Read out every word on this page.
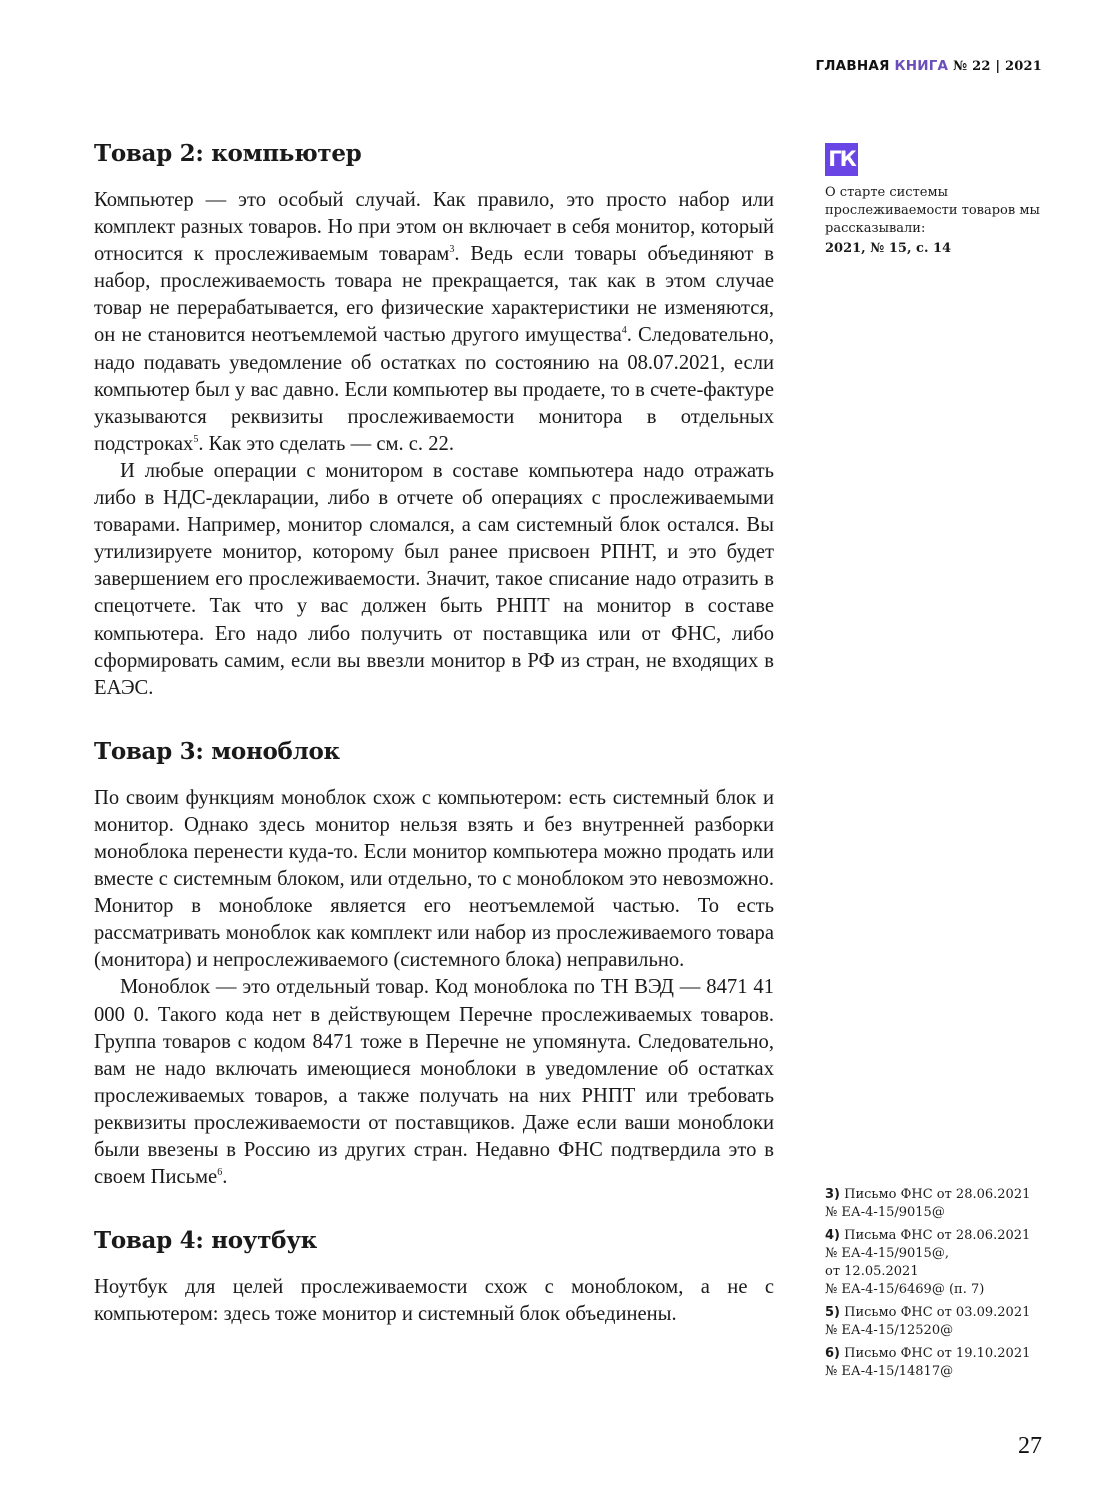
ГЛАВНАЯ КНИГА № 22 | 2021
Товар 2: компьютер

Компьютер — это особый случай. Как правило, это просто набор или комплект разных товаров. Но при этом он включает в себя монитор, который относится к прослеживаемым товарам$^3$. Ведь если товары объединяют в набор, прослеживаемость товара не прекращается, так как в этом случае товар не перерабатывается, его физические характеристики не изменяются, он не становится неотъемлемой частью другого имущества$^4$. Следовательно, надо подавать уведомление об остатках по состоянию на 08.07.2021, если компьютер был у вас давно. Если компьютер вы продаете, то в счете-фактуре указываются реквизиты прослеживаемости монитора в отдельных подстроках$^5$. Как это сделать — см. с. 22.

И любые операции с монитором в составе компьютера надо отражать либо в НДС-декларации, либо в отчете об операциях с прослеживаемыми товарами. Например, монитор сломался, а сам системный блок остался. Вы утилизируете монитор, которому был ранее присвоен РПНТ, и это будет завершением его прослеживаемости. Значит, такое списание надо отразить в спецотчете. Так что у вас должен быть РНПТ на монитор в составе компьютера. Его надо либо получить от поставщика или от ФНС, либо сформировать самим, если вы ввезли монитор в РФ из стран, не входящих в ЕАЭС.

Товар 3: моноблок

По своим функциям моноблок схож с компьютером: есть системный блок и монитор. Однако здесь монитор нельзя взять и без внутренней разборки моноблока перенести куда-то. Если монитор компьютера можно продать или вместе с системным блоком, или отдельно, то с моноблоком это невозможно. Монитор в моноблоке является его неотъемлемой частью. То есть рассматривать моноблок как комплект или набор из прослеживаемого товара (монитора) и непрослеживаемого (системного блока) неправильно.

Моноблок — это отдельный товар. Код моноблока по ТН ВЭД — 8471 41 000 0. Такого кода нет в действующем Перечне прослеживаемых товаров. Группа товаров с кодом 8471 тоже в Перечне не упомянута. Следовательно, вам не надо включать имеющиеся моноблоки в уведомление об остатках прослеживаемых товаров, а также получать на них РНПТ или требовать реквизиты прослеживаемости от поставщиков. Даже если ваши моноблоки были ввезены в Россию из других стран. Недавно ФНС подтвердила это в своем Письме$^6$.

Товар 4: ноутбук

Ноутбук для целей прослеживаемости схож с моноблоком, а не с компьютером: здесь тоже монитор и системный блок объединены.

ГК
О старте системы прослеживаемости товаров мы рассказывали:
2021, № 15, с. 14
3) Письмо ФНС от 28.06.2021
№ ЕА-4-15/9015@
4) Письма ФНС от 28.06.2021
№ ЕА-4-15/9015@,
от 12.05.2021
№ ЕА-4-15/6469@ (п. 7)
5) Письмо ФНС от 03.09.2021
№ ЕА-4-15/12520@
6) Письмо ФНС от 19.10.2021
№ ЕА-4-15/14817@
27
